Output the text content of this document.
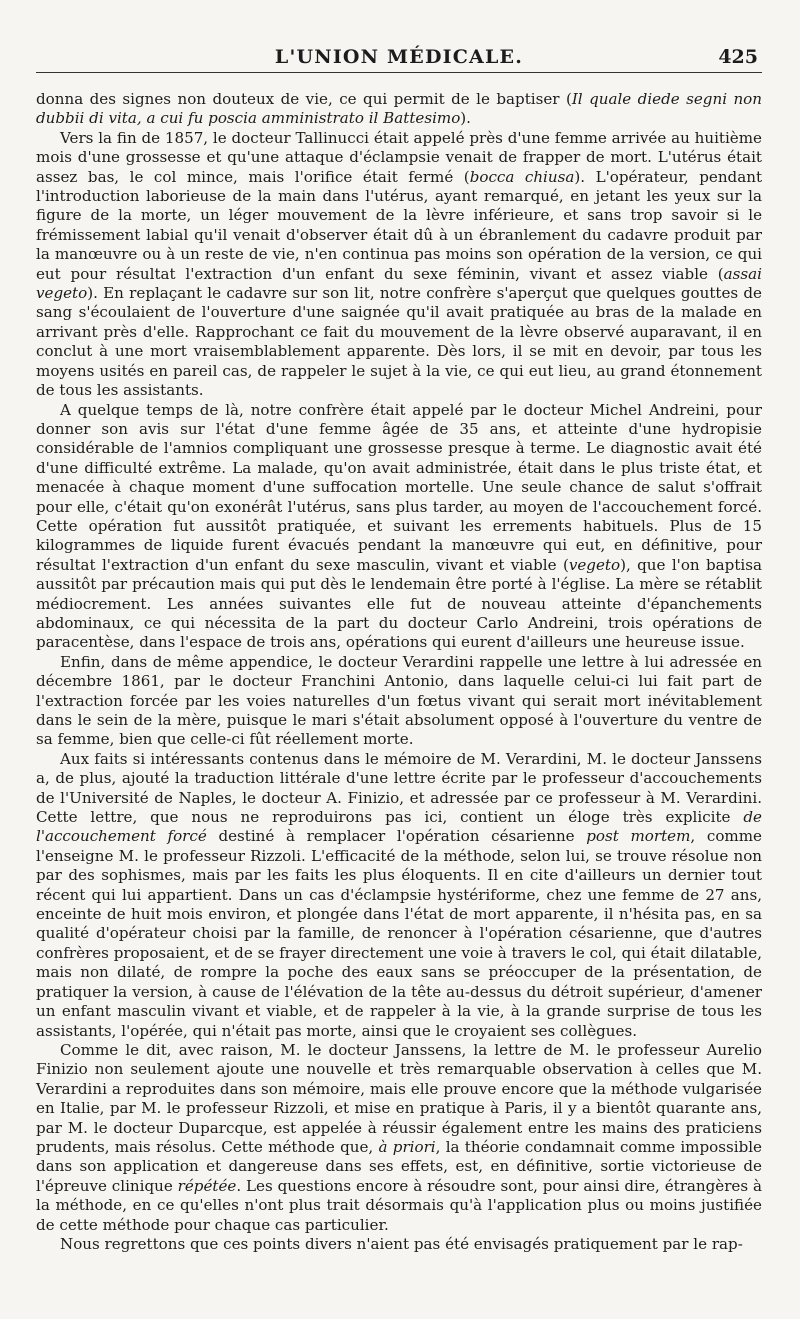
L'UNION MÉDICALE.	425

donna des signes non douteux de vie, ce qui permit de le baptiser (Il quale diede segni non dubbii di vita, a cui fu poscia amministrato il Battesimo).

Vers la fin de 1857, le docteur Tallinucci était appelé près d'une femme arrivée au huitième mois d'une grossesse et qu'une attaque d'éclampsie venait de frapper de mort. L'utérus était assez bas, le col mince, mais l'orifice était fermé (bocca chiusa). L'opérateur, pendant l'introduction laborieuse de la main dans l'utérus, ayant remarqué, en jetant les yeux sur la figure de la morte, un léger mouvement de la lèvre inférieure, et sans trop savoir si le frémissement labial qu'il venait d'observer était dû à un ébranlement du cadavre produit par la manœuvre ou à un reste de vie, n'en continua pas moins son opération de la version, ce qui eut pour résultat l'extraction d'un enfant du sexe féminin, vivant et assez viable (assai vegeto). En replaçant le cadavre sur son lit, notre confrère s'aperçut que quelques gouttes de sang s'écoulaient de l'ouverture d'une saignée qu'il avait pratiquée au bras de la malade en arrivant près d'elle. Rapprochant ce fait du mouvement de la lèvre observé auparavant, il en conclut à une mort vraisemblablement apparente. Dès lors, il se mit en devoir, par tous les moyens usités en pareil cas, de rappeler le sujet à la vie, ce qui eut lieu, au grand étonnement de tous les assistants.

A quelque temps de là, notre confrère était appelé par le docteur Michel Andreini, pour donner son avis sur l'état d'une femme âgée de 35 ans, et atteinte d'une hydropisie considérable de l'amnios compliquant une grossesse presque à terme. Le diagnostic avait été d'une difficulté extrême. La malade, qu'on avait administrée, était dans le plus triste état, et menacée à chaque moment d'une suffocation mortelle. Une seule chance de salut s'offrait pour elle, c'était qu'on exonérât l'utérus, sans plus tarder, au moyen de l'accouchement forcé. Cette opération fut aussitôt pratiquée, et suivant les errements habituels. Plus de 15 kilogrammes de liquide furent évacués pendant la manœuvre qui eut, en définitive, pour résultat l'extraction d'un enfant du sexe masculin, vivant et viable (vegeto), que l'on baptisa aussitôt par précaution mais qui put dès le lendemain être porté à l'église. La mère se rétablit médiocrement. Les années suivantes elle fut de nouveau atteinte d'épanchements abdominaux, ce qui nécessita de la part du docteur Carlo Andreini, trois opérations de paracentèse, dans l'espace de trois ans, opérations qui eurent d'ailleurs une heureuse issue.

Enfin, dans de même appendice, le docteur Verardini rappelle une lettre à lui adressée en décembre 1861, par le docteur Franchini Antonio, dans laquelle celui-ci lui fait part de l'extraction forcée par les voies naturelles d'un fœtus vivant qui serait mort inévitablement dans le sein de la mère, puisque le mari s'était absolument opposé à l'ouverture du ventre de sa femme, bien que celle-ci fût réellement morte.

Aux faits si intéressants contenus dans le mémoire de M. Verardini, M. le docteur Janssens a, de plus, ajouté la traduction littérale d'une lettre écrite par le professeur d'accouchements de l'Université de Naples, le docteur A. Finizio, et adressée par ce professeur à M. Verardini. Cette lettre, que nous ne reproduirons pas ici, contient un éloge très explicite de l'accouchement forcé destiné à remplacer l'opération césarienne post mortem, comme l'enseigne M. le professeur Rizzoli. L'efficacité de la méthode, selon lui, se trouve résolue non par des sophismes, mais par les faits les plus éloquents. Il en cite d'ailleurs un dernier tout récent qui lui appartient. Dans un cas d'éclampsie hystériforme, chez une femme de 27 ans, enceinte de huit mois environ, et plongée dans l'état de mort apparente, il n'hésita pas, en sa qualité d'opérateur choisi par la famille, de renoncer à l'opération césarienne, que d'autres confrères proposaient, et de se frayer directement une voie à travers le col, qui était dilatable, mais non dilaté, de rompre la poche des eaux sans se préoccuper de la présentation, de pratiquer la version, à cause de l'élévation de la tête au-dessus du détroit supérieur, d'amener un enfant masculin vivant et viable, et de rappeler à la vie, à la grande surprise de tous les assistants, l'opérée, qui n'était pas morte, ainsi que le croyaient ses collègues.

Comme le dit, avec raison, M. le docteur Janssens, la lettre de M. le professeur Aurelio Finizio non seulement ajoute une nouvelle et très remarquable observation à celles que M. Verardini a reproduites dans son mémoire, mais elle prouve encore que la méthode vulgarisée en Italie, par M. le professeur Rizzoli, et mise en pratique à Paris, il y a bientôt quarante ans, par M. le docteur Duparcque, est appelée à réussir également entre les mains des praticiens prudents, mais résolus. Cette méthode que, à priori, la théorie condamnait comme impossible dans son application et dangereuse dans ses effets, est, en définitive, sortie victorieuse de l'épreuve clinique répétée. Les questions encore à résoudre sont, pour ainsi dire, étrangères à la méthode, en ce qu'elles n'ont plus trait désormais qu'à l'application plus ou moins justifiée de cette méthode pour chaque cas particulier.

Nous regrettons que ces points divers n'aient pas été envisagés pratiquement par le rap-
